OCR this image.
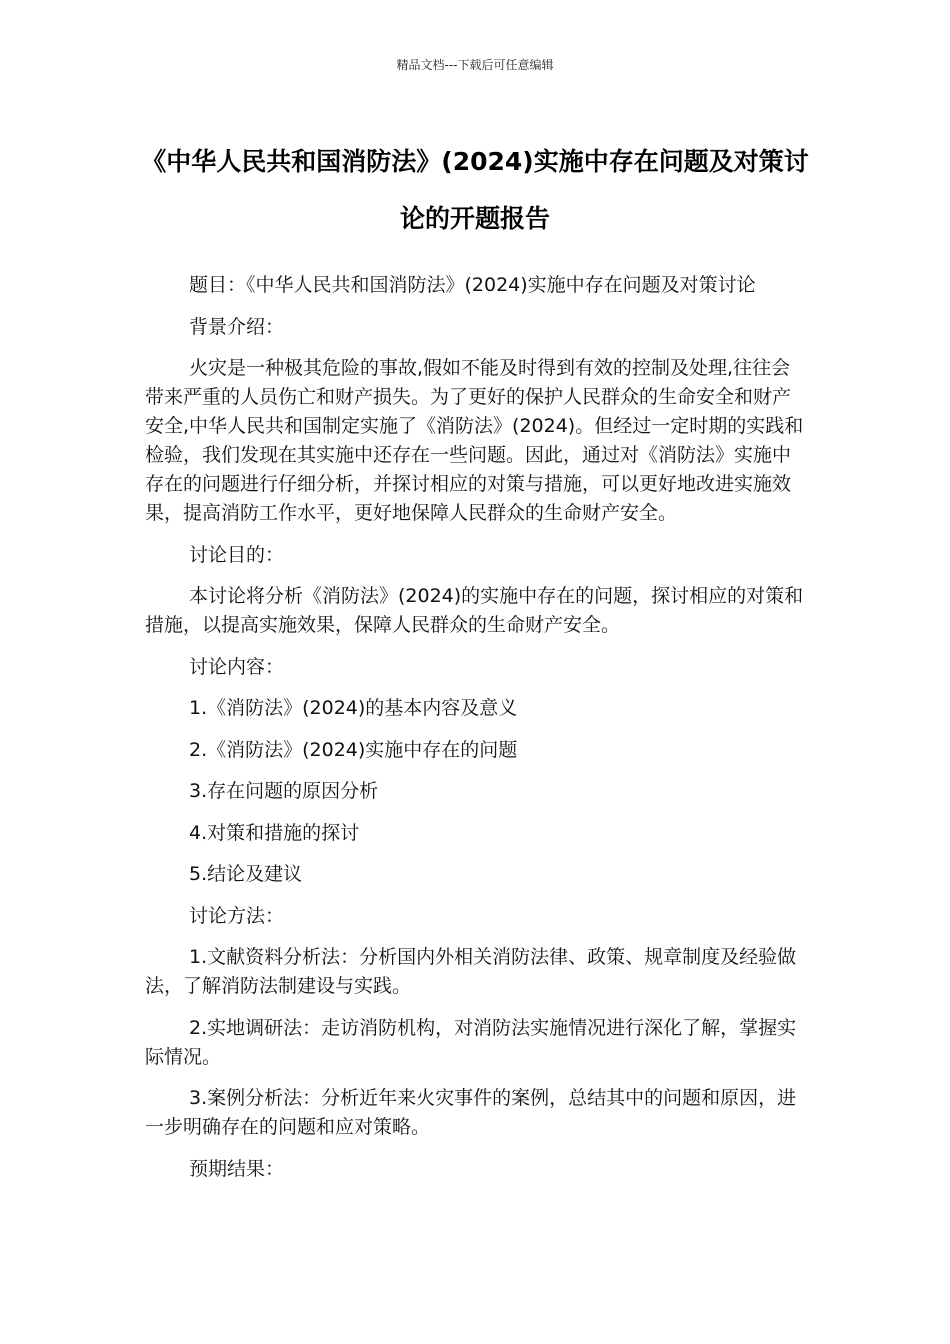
精品文档---下载后可任意编辑
《中华人民共和国消防法》(2024)实施中存在问题及对策讨论的开题报告

题目：《中华人民共和国消防法》(2024)实施中存在问题及对策讨论

背景介绍：

火灾是一种极其危险的事故,假如不能及时得到有效的控制及处理,往往会带来严重的人员伤亡和财产损失。为了更好的保护人民群众的生命安全和财产安全,中华人民共和国制定实施了《消防法》(2024)。但经过一定时期的实践和检验，我们发现在其实施中还存在一些问题。因此，通过对《消防法》实施中存在的问题进行仔细分析，并探讨相应的对策与措施，可以更好地改进实施效果，提高消防工作水平，更好地保障人民群众的生命财产安全。

讨论目的：

本讨论将分析《消防法》(2024)的实施中存在的问题，探讨相应的对策和措施，以提高实施效果，保障人民群众的生命财产安全。

讨论内容：

1.《消防法》(2024)的基本内容及意义

2.《消防法》(2024)实施中存在的问题

3.存在问题的原因分析

4.对策和措施的探讨

5.结论及建议

讨论方法：

1.文献资料分析法：分析国内外相关消防法律、政策、规章制度及经验做法，了解消防法制建设与实践。

2.实地调研法：走访消防机构，对消防法实施情况进行深化了解，掌握实际情况。

3.案例分析法：分析近年来火灾事件的案例，总结其中的问题和原因，进一步明确存在的问题和应对策略。

预期结果：
